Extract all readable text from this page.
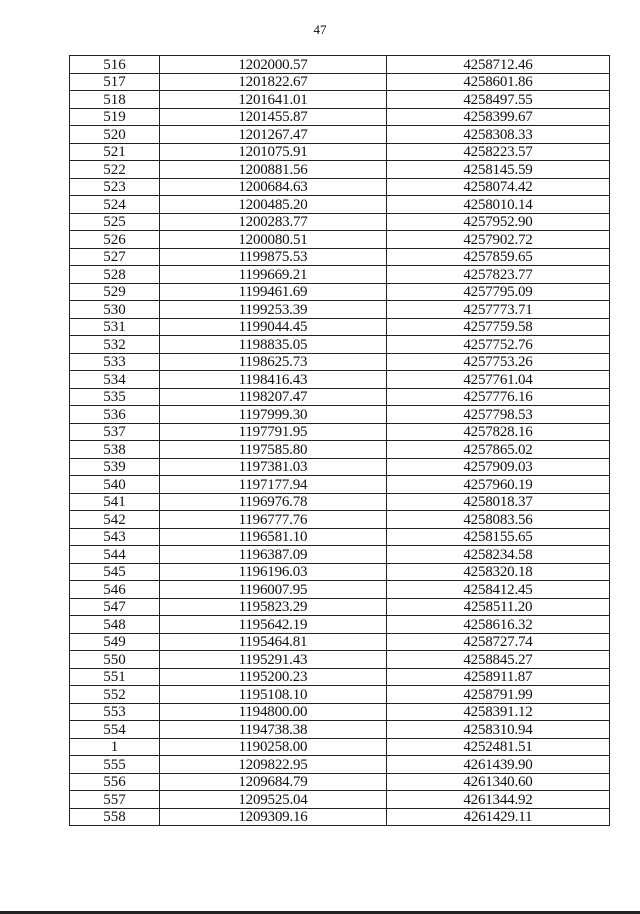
47
516	1202000.57	4258712.46
517	1201822.67	4258601.86
518	1201641.01	4258497.55
519	1201455.87	4258399.67
520	1201267.47	4258308.33
521	1201075.91	4258223.57
522	1200881.56	4258145.59
523	1200684.63	4258074.42
524	1200485.20	4258010.14
525	1200283.77	4257952.90
526	1200080.51	4257902.72
527	1199875.53	4257859.65
528	1199669.21	4257823.77
529	1199461.69	4257795.09
530	1199253.39	4257773.71
531	1199044.45	4257759.58
532	1198835.05	4257752.76
533	1198625.73	4257753.26
534	1198416.43	4257761.04
535	1198207.47	4257776.16
536	1197999.30	4257798.53
537	1197791.95	4257828.16
538	1197585.80	4257865.02
539	1197381.03	4257909.03
540	1197177.94	4257960.19
541	1196976.78	4258018.37
542	1196777.76	4258083.56
543	1196581.10	4258155.65
544	1196387.09	4258234.58
545	1196196.03	4258320.18
546	1196007.95	4258412.45
547	1195823.29	4258511.20
548	1195642.19	4258616.32
549	1195464.81	4258727.74
550	1195291.43	4258845.27
551	1195200.23	4258911.87
552	1195108.10	4258791.99
553	1194800.00	4258391.12
554	1194738.38	4258310.94
1	1190258.00	4252481.51
555	1209822.95	4261439.90
556	1209684.79	4261340.60
557	1209525.04	4261344.92
558	1209309.16	4261429.11
